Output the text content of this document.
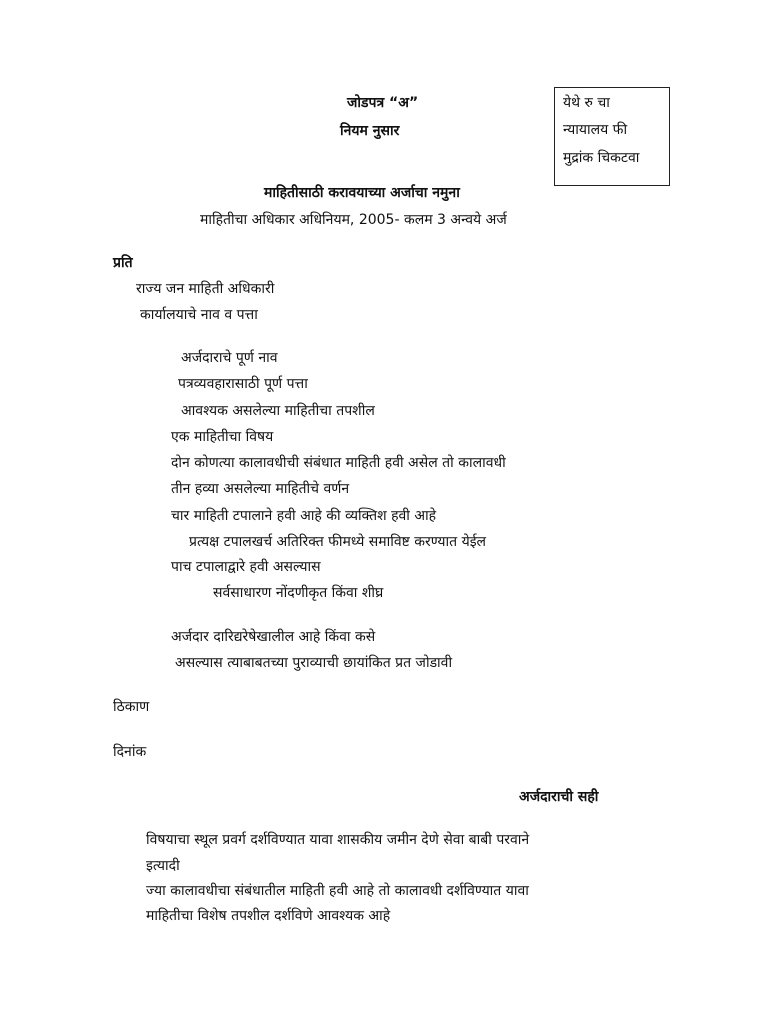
जोडपत्र “अ”
नियम नुसार
येथे रु चा
न्यायालय फी
मुद्रांक चिकटवा
माहितीसाठी करावयाच्या अर्जाचा नमुना
माहितीचा अधिकार अधिनियम, 2005- कलम 3 अन्वये अर्ज
प्रति
राज्य जन माहिती अधिकारी
कार्यालयाचे नाव व पत्ता
अर्जदाराचे पूर्ण नाव
पत्रव्यवहारासाठी पूर्ण पत्ता
आवश्यक असलेल्या माहितीचा तपशील
एक माहितीचा विषय
दोन कोणत्या कालावधीची संबंधात माहिती हवी असेल तो कालावधी
तीन हव्या असलेल्या माहितीचे वर्णन
चार माहिती टपालाने हवी आहे की व्यक्तिश हवी आहे
प्रत्यक्ष टपालखर्च अतिरिक्त फीमध्ये समाविष्ट करण्यात येईल
पाच टपालाद्वारे हवी असल्यास
सर्वसाधारण नोंदणीकृत किंवा शीघ्र
अर्जदार दारिद्यरेषेखालील आहे किंवा कसे
असल्यास त्याबाबतच्या पुराव्याची छायांकित प्रत जोडावी
ठिकाण
दिनांक
अर्जदाराची सही
विषयाचा स्थूल प्रवर्ग दर्शविण्यात यावा शासकीय जमीन देणे सेवा बाबी परवाने
इत्यादी
ज्या कालावधीचा संबंधातील माहिती हवी आहे तो कालावधी दर्शविण्यात यावा
माहितीचा विशेष तपशील दर्शविणे आवश्यक आहे
